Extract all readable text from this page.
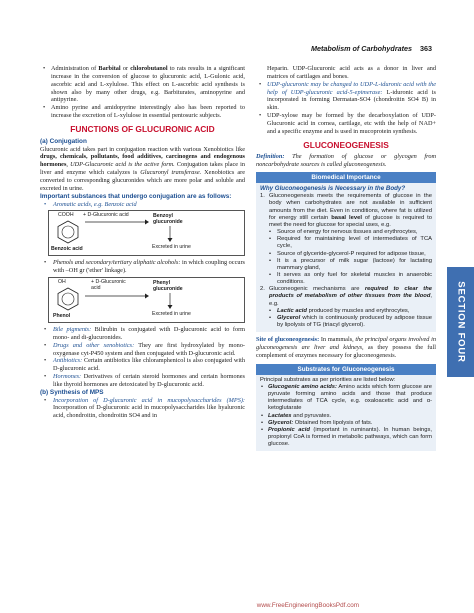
Metabolism of Carbohydrates 363
• Administration of Barbital or chlorobutanol to rats results in a significant increase in the conversion of glucose to glucuronic acid, L-Gulonic acid, ascorbic acid and L-xylulose. This effect on L-ascorbic acid synthesis is shown also by many other drugs, e.g. Barbiturates, aminopyrine and antipyrine.
• Amino pyrine and amidopyrine interestingly also has been reported to increase the excretion of L-xylulose in essential pentosuric subjects.
FUNCTIONS OF GLUCURONIC ACID
(a) Conjugation

Glucuronic acid takes part in conjugation reaction with various Xenobiotics like drugs, chemicals, pollutants, food additives, carcinogens and endogenous hormones, UDP-Glucuronic acid is the active form. Conjugation takes place in liver and enzyme which catalyzes is Glucuronyl transferase. Xenobiotics are converted to corresponding glucuronides which are more polar and soluble and excreted in urine.

Important substances that undergo conjugation are as follows:
• Aromatic acids, e.g. Benzoic acid
COOH + D-Glucuronic acid	Benzoyl glucuronide
Excreted in urine
Benzoic acid
• Phenols and secondary/tertiary aliphatic alcohols: in which coupling occurs with –OH gr ('ether' linkage).
OH	+ D-Glucuronic acid
Phenyl glucuronide
Excreted in urine
Phenol
• Bile pigments: Bilirubin is conjugated with D-glucuronic acid to form mono- and di-glucuronides.
• Drugs and other xenobiotics: They are first hydroxylated by mono-oxygenase cyt-P450 system and then conjugated with D-glucuronic acid.
• Antibiotics: Certain antibiotics like chloramphenicol is also conjugated with D-glucuronic acid.
• Hormones: Derivatives of certain steroid hormones and certain hormones like thyroid hormones are detoxicated by D-glucuronic acid.
(b) Synthesis of MPS
• Incorporation of D-glucuronic acid in mucopolysaccharides (MPS): Incorporation of D-glucuronic acid in mucopolysaccharides like hyaluronic acid, chondroitin, chondroitin SO4 and in

Heparin. UDP-Glucuronic acid acts as a donor in liver and matrices of cartilages and bones.

• UDP-glucuronic may be changed to UDP-L-iduronic acid with the help of UDP-glucuronic acid-5-epimerase: L-iduronic acid is incorporated in forming Dermatan-SO4 (chondroitin SO4 B) in skin.
• UDP-xylose may be formed by the decarboxylation of UDP-Glucuronic acid in cornea, cartilage, etc with the help of NAD+ and a specific enzyme and is used in mucoprotein synthesis.
GLUCONEOGENESIS

Definition: The formation of glucose or glycogen from noncarbohydrate sources is called gluconeogenesis.

Biomedical Importance
Why Gluconeogenesis is Necessary in the Body?
1. Gluconeogenesis meets the requirements of glucose in the body when carbohydrates are not available in sufficient amounts from the diet. Even in conditions, where fat is utilized for energy still certain basal level of glucose is required to meet the need for glucose for special uses, e.g.
• Source of energy for nervous tissues and erythrocytes,
• Required for maintaining level of intermediates of TCA cycle,
• Source of glyceride-glycerol-P required for adipose tissue,
• It is a precursor of milk sugar (lactose) for lactating mammary gland,
• It serves as only fuel for skeletal muscles in anaerobic conditions.
2. Gluconeogenic mechanisms are required to clear the products of metabolism of other tissues from the blood, e.g.
• Lactic acid produced by muscles and erythrocytes,
• Glycerol which is continuously produced by adipose tissue by lipolysis of TG (triacyl glycerol).

Site of gluconeogenesis: In mammals, the principal organs involved in gluconeogenesis are liver and kidneys, as they possess the full complement of enzymes necessary for gluconeogenesis.

Substrates for Gluconeogenesis
Principal substrates as per priorities are listed below:
• Glucogenic amino acids: Amino acids which form glucose are pyruvate forming amino acids and those that produce intermediates of TCA cycle, e.g. oxaloacetic acid and α-ketoglutarate
• Lactates and pyruvates.
• Glycerol: Obtained from lipolysis of fats.
• Propionic acid (important in ruminants). In human beings, propionyl CoA is formed in metabolic pathways, which can form glucose.
SECTION FOUR
www.FreeEngineeringBooksPdf.com
